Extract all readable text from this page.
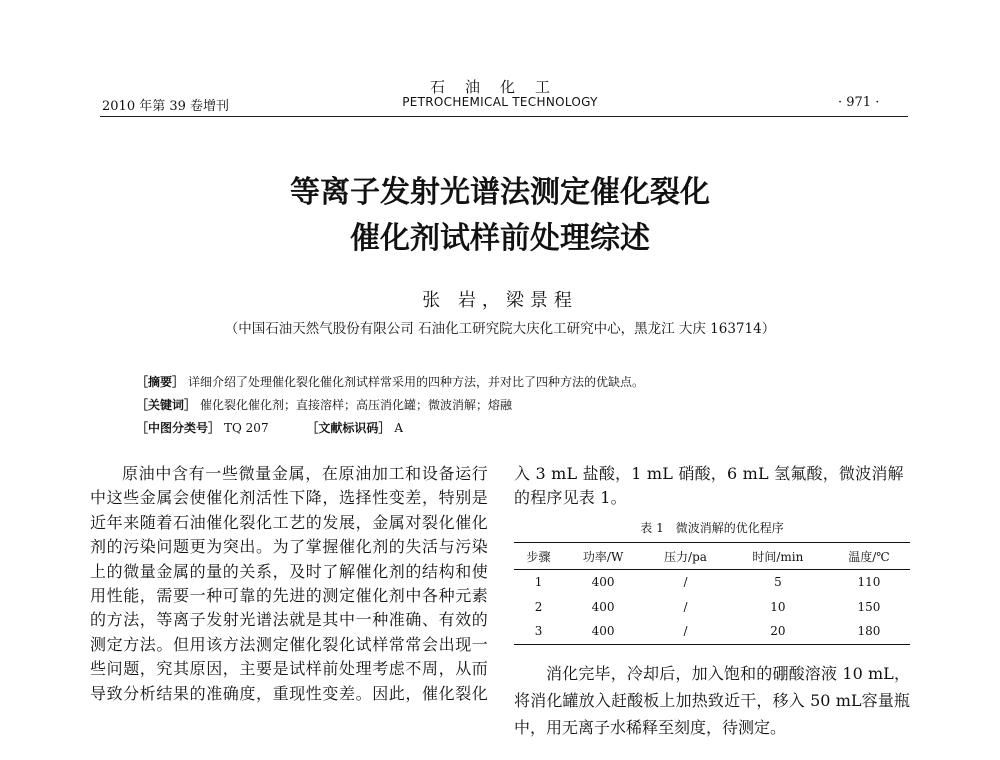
石油化工
2010 年第 39 卷增刊	PETROCHEMICAL TECHNOLOGY	· 971 ·
等离子发射光谱法测定催化裂化
催化剂试样前处理综述
张 岩，梁景程
（中国石油天然气股份有限公司 石油化工研究院大庆化工研究中心，黑龙江 大庆 163714）
［摘要］ 详细介绍了处理催化裂化催化剂试样常采用的四种方法，并对比了四种方法的优缺点。
［关键词］ 催化裂化催化剂；直接溶样；高压消化罐；微波消解；熔融
［中图分类号］ TQ 207	［文献标识码］ A
原油中含有一些微量金属，在原油加工和设备运行中这些金属会使催化剂活性下降，选择性变差，特别是近年来随着石油催化裂化工艺的发展，金属对裂化催化剂的污染问题更为突出。为了掌握催化剂的失活与污染上的微量金属的量的关系，及时了解催化剂的结构和使用性能，需要一种可靠的先进的测定催化剂中各种元素的方法，等离子发射光谱法就是其中一种准确、有效的测定方法。但用该方法测定催化裂化试样常常会出现一些问题，究其原因，主要是试样前处理考虑不周，从而导致分析结果的准确度，重现性变差。因此，催化裂化
入 3 mL 盐酸，1 mL 硝酸，6 mL 氢氟酸，微波消解的程序见表 1。
表 1　微波消解的优化程序
步骤	功率/W	压力/pa	时间/min	温度/℃
1	400	/	5	110
2	400	/	10	150
3	400	/	20	180
消化完毕，冷却后，加入饱和的硼酸溶液 10 mL，将消化罐放入赶酸板上加热致近干，移入 50 mL容量瓶中，用无离子水稀释至刻度，待测定。
